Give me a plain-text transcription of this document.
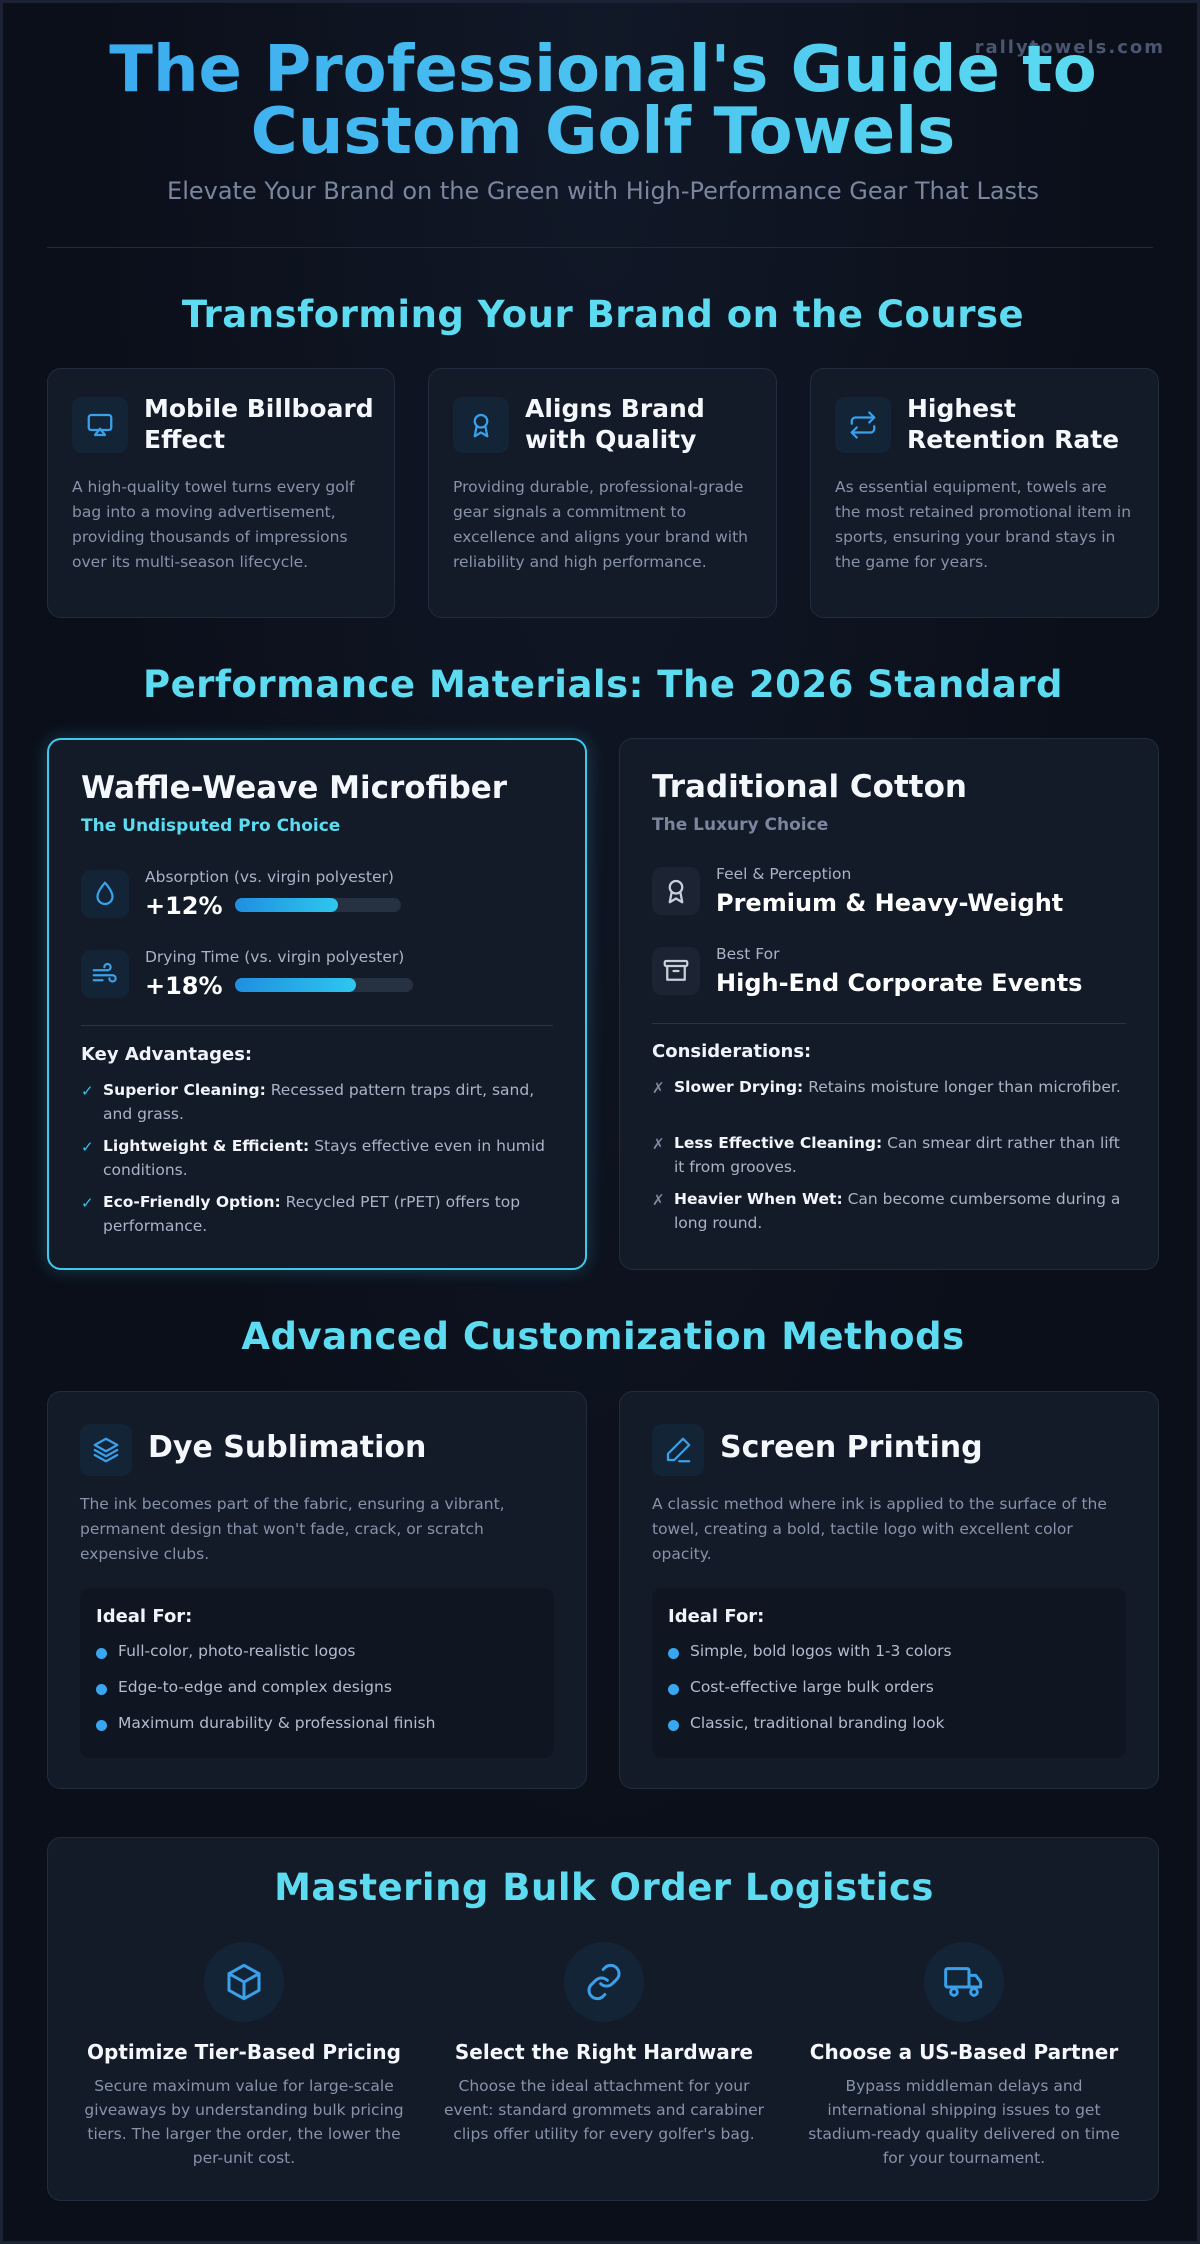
The Professional's Guide to
Custom Golf Towels
Elevate Your Brand on the Green with High-Performance Gear That Lasts
Transforming Your Brand on the Course
Mobile Billboard Effect
A high-quality towel turns every golf bag into a moving advertisement, providing thousands of impressions over its multi-season lifecycle.
Aligns Brand with Quality
Providing durable, professional-grade gear signals a commitment to excellence and aligns your brand with reliability and high performance.
Highest Retention Rate
As essential equipment, towels are the most retained promotional item in sports, ensuring your brand stays in the game for years.
Performance Materials: The 2026 Standard
Waffle-Weave Microfiber
The Undisputed Pro Choice
Absorption (vs. virgin polyester)
+12%
Drying Time (vs. virgin polyester)
+18%
Key Advantages:
✓ Superior Cleaning: Recessed pattern traps dirt, sand, and grass.
✓ Lightweight & Efficient: Stays effective even in humid conditions.
✓ Eco-Friendly Option: Recycled PET (rPET) offers top performance.
Traditional Cotton
The Luxury Choice
Feel & Perception
Premium & Heavy-Weight
Best For
High-End Corporate Events
Considerations:
✗ Slower Drying: Retains moisture longer than microfiber.
✗ Less Effective Cleaning: Can smear dirt rather than lift it from grooves.
✗ Heavier When Wet: Can become cumbersome during a long round.
Advanced Customization Methods
Dye Sublimation
The ink becomes part of the fabric, ensuring a vibrant, permanent design that won't fade, crack, or scratch expensive clubs.
Ideal For:
Full-color, photo-realistic logos
Edge-to-edge and complex designs
Maximum durability & professional finish
Screen Printing
A classic method where ink is applied to the surface of the towel, creating a bold, tactile logo with excellent color opacity.
Ideal For:
Simple, bold logos with 1-3 colors
Cost-effective large bulk orders
Classic, traditional branding look
Mastering Bulk Order Logistics
Optimize Tier-Based Pricing
Secure maximum value for large-scale giveaways by understanding bulk pricing tiers. The larger the order, the lower the per-unit cost.
Select the Right Hardware
Choose the ideal attachment for your event: standard grommets and carabiner clips offer utility for every golfer's bag.
Choose a US-Based Partner
Bypass middleman delays and international shipping issues to get stadium-ready quality delivered on time for your tournament.
